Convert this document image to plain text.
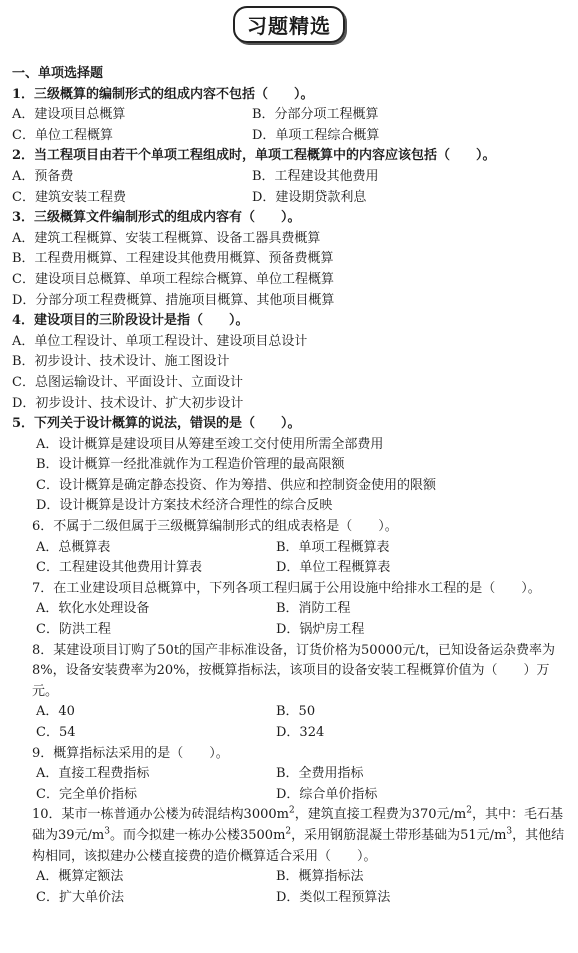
习题精选
一、单项选择题
1．三级概算的编制形式的组成内容不包括（　　）。
A．建设项目总概算	B．分部分项工程概算
C．单位工程概算	D．单项工程综合概算
2．当工程项目由若干个单项工程组成时，单项工程概算中的内容应该包括（　　）。
A．预备费	B．工程建设其他费用
C．建筑安装工程费	D．建设期贷款利息
3．三级概算文件编制形式的组成内容有（　　）。
A．建筑工程概算、安装工程概算、设备工器具费概算
B．工程费用概算、工程建设其他费用概算、预备费概算
C．建设项目总概算、单项工程综合概算、单位工程概算
D．分部分项工程费概算、措施项目概算、其他项目概算
4．建设项目的三阶段设计是指（　　）。
A．单位工程设计、单项工程设计、建设项目总设计
B．初步设计、技术设计、施工图设计
C．总图运输设计、平面设计、立面设计
D．初步设计、技术设计、扩大初步设计
5．下列关于设计概算的说法，错误的是（　　）。
A．设计概算是建设项目从筹建至竣工交付使用所需全部费用
B．设计概算一经批准就作为工程造价管理的最高限额
C．设计概算是确定静态投资、作为筹措、供应和控制资金使用的限额
D．设计概算是设计方案技术经济合理性的综合反映
6．不属于二级但属于三级概算编制形式的组成表格是（　　）。
A．总概算表	B．单项工程概算表
C．工程建设其他费用计算表	D．单位工程概算表
7．在工业建设项目总概算中，下列各项工程归属于公用设施中给排水工程的是（　　）。
A．软化水处理设备	B．消防工程
C．防洪工程	D．锅炉房工程
8．某建设项目订购了50t的国产非标准设备，订货价格为50000元/t，已知设备运杂费率为8%，设备安装费率为20%，按概算指标法，该项目的设备安装工程概算价值为（　　）万元。
A．40	B．50
C．54	D．324
9．概算指标法采用的是（　　）。
A．直接工程费指标	B．全费用指标
C．完全单价指标	D．综合单价指标
10．某市一栋普通办公楼为砖混结构$3000m^2$，建筑直接工程费为370元$/m^2$，其中：毛石基础为39元$/m^3$。而今拟建一栋办公楼$3500m^2$，采用钢筋混凝土带形基础为51元$/m^3$，其他结构相同，该拟建办公楼直接费的造价概算适合采用（　　）。
A．概算定额法	B．概算指标法
C．扩大单价法	D．类似工程预算法
